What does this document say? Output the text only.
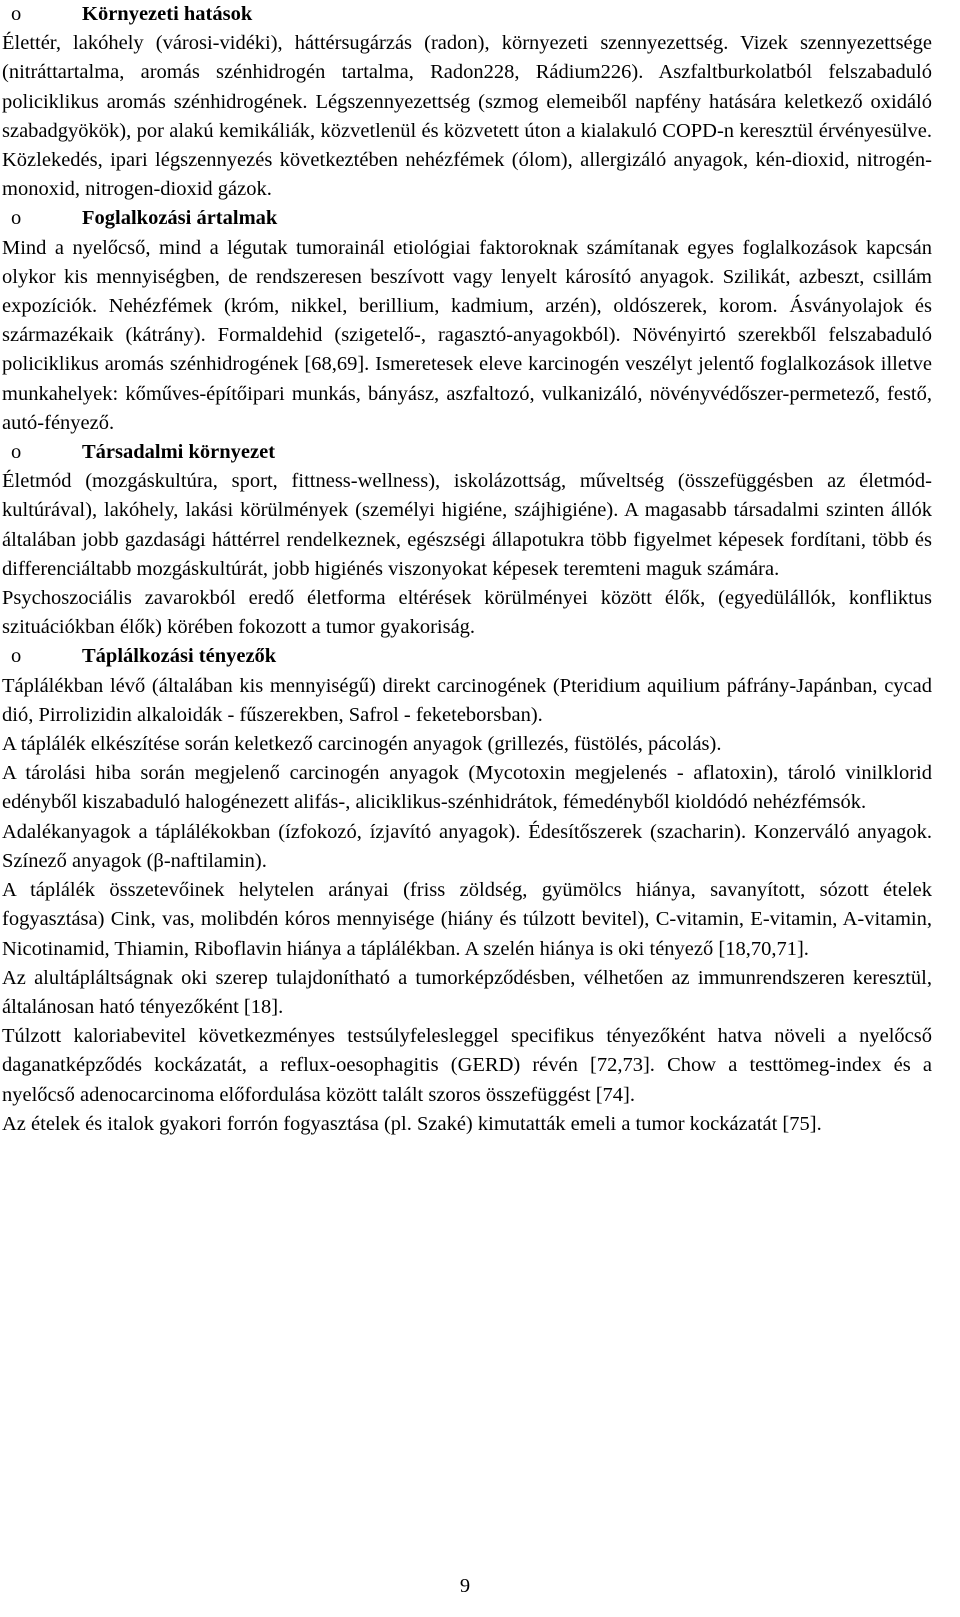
o	Környezeti hatások

Élettér, lakóhely (városi-vidéki), háttérsugárzás (radon), környezeti szennyezettség. Vizek szennyezettsége (nitráttartalma, aromás szénhidrogén tartalma, Radon228, Rádium226). Aszfaltburkolatból felszabaduló policiklikus aromás szénhidrogének. Légszennyezettség (szmog elemeiből napfény hatására keletkező oxidáló szabadgyökök), por alakú kemikáliák, közvetlenül és közvetett úton a kialakuló COPD-n keresztül érvényesülve. Közlekedés, ipari légszennyezés következtében nehézfémek (ólom), allergizáló anyagok, kén-dioxid, nitrogén-monoxid, nitrogen-dioxid gázok.

o	Foglalkozási ártalmak

Mind a nyelőcső, mind a légutak tumorainál etiológiai faktoroknak számítanak egyes foglalkozások kapcsán olykor kis mennyiségben, de rendszeresen beszívott vagy lenyelt károsító anyagok. Szilikát, azbeszt, csillám expozíciók. Nehézfémek (króm, nikkel, berillium, kadmium, arzén), oldószerek, korom. Ásványolajok és származékaik (kátrány). Formaldehid (szigetelő-, ragasztó-anyagokból). Növényirtó szerekből felszabaduló policiklikus aromás szénhidrogének [68,69]. Ismeretesek eleve karcinogén veszélyt jelentő foglalkozások illetve munkahelyek: kőműves-építőipari munkás, bányász, aszfaltozó, vulkanizáló, növényvédőszer-permetező, festő, autó-fényező.

o	Társadalmi környezet

Életmód (mozgáskultúra, sport, fittness-wellness), iskolázottság, műveltség (összefüggésben az életmód-kultúrával), lakóhely, lakási körülmények (személyi higiéne, szájhigiéne). A magasabb társadalmi szinten állók általában jobb gazdasági háttérrel rendelkeznek, egészségi állapotukra több figyelmet képesek fordítani, több és differenciáltabb mozgáskultúrát, jobb higiénés viszonyokat képesek teremteni maguk számára.

Psychoszociális zavarokból eredő életforma eltérések körülményei között élők, (egyedülállók, konfliktus szituációkban élők) körében fokozott a tumor gyakoriság.

o	Táplálkozási tényezők

Táplálékban lévő (általában kis mennyiségű) direkt carcinogének (Pteridium aquilium páfrány-Japánban, cycad dió, Pirrolizidin alkaloidák - fűszerekben, Safrol - feketeborsban).

A táplálék elkészítése során keletkező carcinogén anyagok (grillezés, füstölés, pácolás).

A tárolási hiba során megjelenő carcinogén anyagok (Mycotoxin megjelenés - aflatoxin), tároló vinilklorid edényből kiszabaduló halogénezett alifás-, aliciklikus-szénhidrátok, fémedényből kioldódó nehézfémsók.

Adalékanyagok a táplálékokban (ízfokozó, ízjavító anyagok). Édesítőszerek (szacharin). Konzerváló anyagok. Színező anyagok (β-naftilamin).

A táplálék összetevőinek helytelen arányai (friss zöldség, gyümölcs hiánya, savanyított, sózott ételek fogyasztása) Cink, vas, molibdén kóros mennyisége (hiány és túlzott bevitel), C-vitamin, E-vitamin, A-vitamin, Nicotinamid, Thiamin, Riboflavin hiánya a táplálékban. A szelén hiánya is oki tényező [18,70,71].

Az alultápláltságnak oki szerep tulajdonítható a tumorképződésben, vélhetően az immunrendszeren keresztül, általánosan ható tényezőként [18].

Túlzott kaloriabevitel következményes testsúlyfelesleggel specifikus tényezőként hatva növeli a nyelőcső daganatképződés kockázatát, a reflux-oesophagitis (GERD) révén [72,73]. Chow a testtömeg-index és a nyelőcső adenocarcinoma előfordulása között talált szoros összefüggést [74].

Az ételek és italok gyakori forrón fogyasztása (pl. Szaké) kimutatták emeli a tumor kockázatát [75].

9
